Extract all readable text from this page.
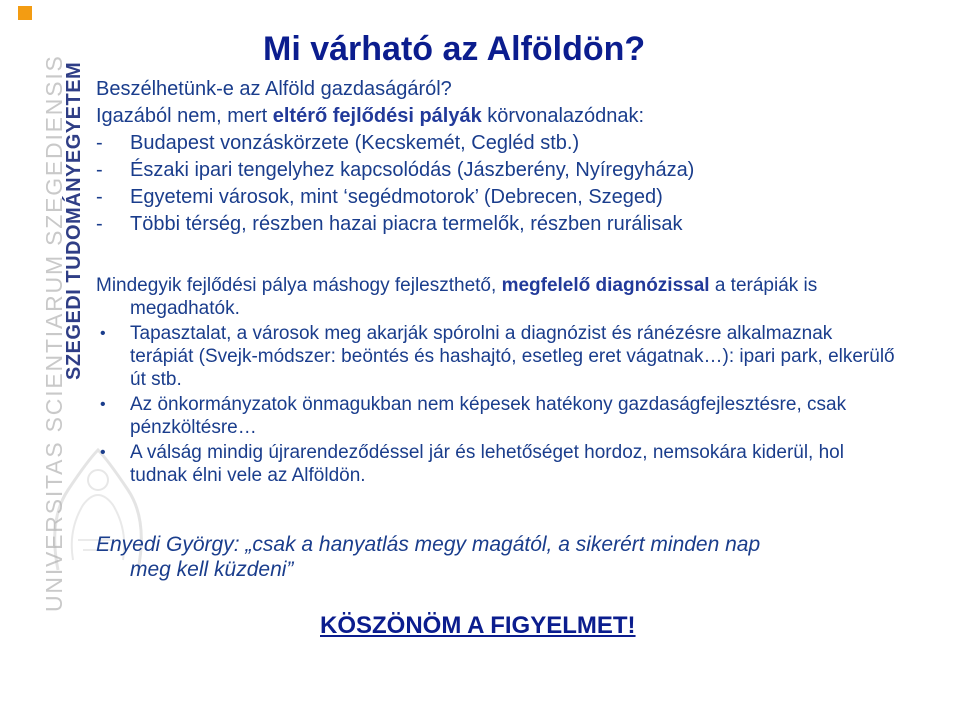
SZEGEDI TUDOMÁNYEGYETEM
UNIVERSITAS SCIENTIARUM SZEGEDIENSIS
Mi várható az Alföldön?
Beszélhetünk-e az Alföld gazdaságáról?
Igazából nem, mert eltérő fejlődési pályák körvonalazódnak:
-	Budapest vonzáskörzete (Kecskemét, Cegléd stb.)
-	Északi ipari tengelyhez kapcsolódás (Jászberény, Nyíregyháza)
-	Egyetemi városok, mint ‘segédmotorok’ (Debrecen, Szeged)
-	Többi térség, részben hazai piacra termelők, részben rurálisak
Mindegyik fejlődési pálya máshogy fejleszthető, megfelelő diagnózissal a terápiák is megadhatók.
•	Tapasztalat, a városok meg akarják spórolni a diagnózist és ránézésre alkalmaznak terápiát (Svejk-módszer: beöntés és hashajtó, esetleg eret vágatnak…): ipari park, elkerülő út stb.
•	Az önkormányzatok önmagukban nem képesek hatékony gazdaságfejlesztésre, csak pénzköltésre…
•	A válság mindig újrarendeződéssel jár és lehetőséget hordoz, nemsokára kiderül, hol tudnak élni vele az Alföldön.
Enyedi György: „csak a hanyatlás megy magától, a sikerért minden nap
meg kell küzdeni”
KÖSZÖNÖM A FIGYELMET!
